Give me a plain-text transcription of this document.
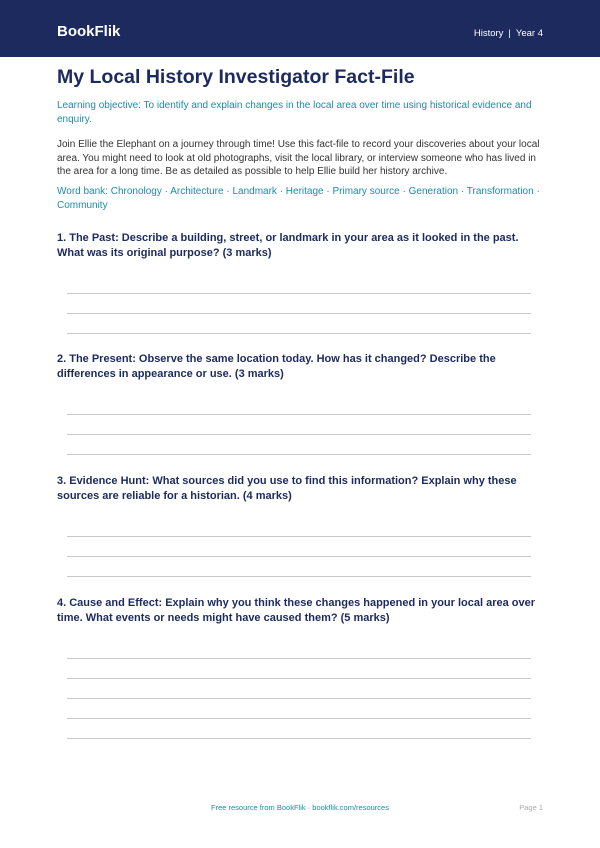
BookFlik	History | Year 4
My Local History Investigator Fact-File

Learning objective: To identify and explain changes in the local area over time using historical evidence and enquiry.

Join Ellie the Elephant on a journey through time! Use this fact-file to record your discoveries about your local area. You might need to look at old photographs, visit the local library, or interview someone who has lived in the area for a long time. Be as detailed as possible to help Ellie build her history archive.

Word bank: Chronology · Architecture · Landmark · Heritage · Primary source · Generation · Transformation · Community

1. The Past: Describe a building, street, or landmark in your area as it looked in the past. What was its original purpose? (3 marks)

2. The Present: Observe the same location today. How has it changed? Describe the differences in appearance or use. (3 marks)

3. Evidence Hunt: What sources did you use to find this information? Explain why these sources are reliable for a historian. (4 marks)

4. Cause and Effect: Explain why you think these changes happened in your local area over time. What events or needs might have caused them? (5 marks)

Free resource from BookFlik · bookflik.com/resources	Page 1
